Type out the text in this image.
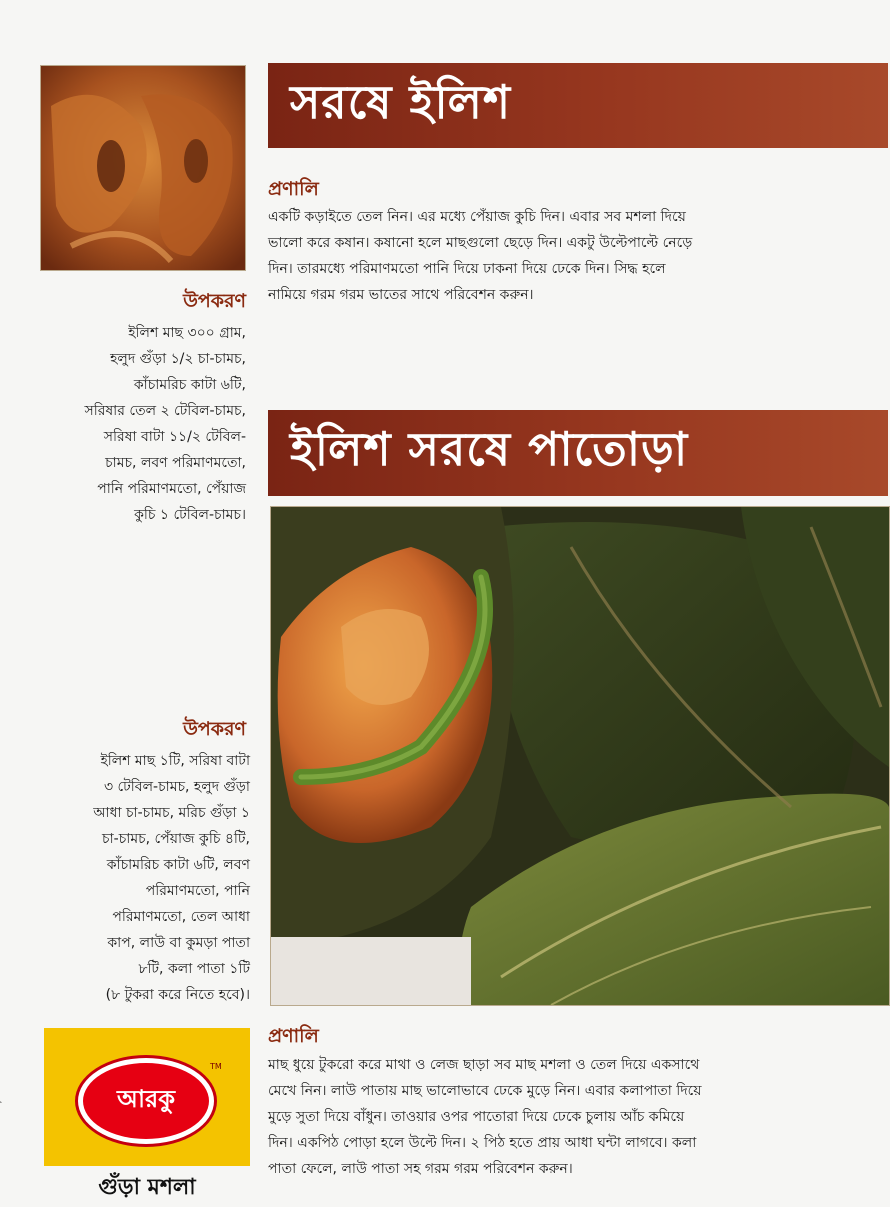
সরষে ইলিশ
প্রণালি
একটি কড়াইতে তেল নিন। এর মধ্যে পেঁয়াজ কুচি দিন। এবার সব মশলা দিয়ে
ভালো করে কষান। কষানো হলে মাছগুলো ছেড়ে দিন। একটু উল্টেপাল্টে নেড়ে
দিন। তারমধ্যে পরিমাণমতো পানি দিয়ে ঢাকনা দিয়ে ঢেকে দিন। সিদ্ধ হলে
নামিয়ে গরম গরম ভাতের সাথে পরিবেশন করুন।
উপকরণ
ইলিশ মাছ ৩০০ গ্রাম,
হলুদ গুঁড়া ১/২ চা-চামচ,
কাঁচামরিচ কাটা ৬টি,
সরিষার তেল ২ টেবিল-চামচ,
সরিষা বাটা ১১/২ টেবিল-
চামচ, লবণ পরিমাণমতো,
পানি পরিমাণমতো, পেঁয়াজ
কুচি ১ টেবিল-চামচ।
ইলিশ সরষে পাতোড়া
উপকরণ
ইলিশ মাছ ১টি, সরিষা বাটা
৩ টেবিল-চামচ, হলুদ গুঁড়া
আধা চা-চামচ, মরিচ গুঁড়া ১
চা-চামচ, পেঁয়াজ কুচি ৪টি,
কাঁচামরিচ কাটা ৬টি, লবণ
পরিমাণমতো, পানি
পরিমাণমতো, তেল আধা
কাপ, লাউ বা কুমড়া পাতা
৮টি, কলা পাতা ১টি
(৮ টুকরা করে নিতে হবে)।
প্রণালি
মাছ ধুয়ে টুকরো করে মাথা ও লেজ ছাড়া সব মাছ মশলা ও তেল দিয়ে একসাথে
মেখে নিন। লাউ পাতায় মাছ ভালোভাবে ঢেকে মুড়ে নিন। এবার কলাপাতা দিয়ে
মুড়ে সুতা দিয়ে বাঁধুন। তাওয়ার ওপর পাতোরা দিয়ে ঢেকে চুলায় আঁচ কমিয়ে
দিন। একপিঠ পোড়া হলে উল্টে দিন। ২ পিঠ হতে প্রায় আধা ঘন্টা লাগবে। কলা
পাতা ফেলে, লাউ পাতা সহ গরম গরম পরিবেশন করুন।
আরকু
TM
গুঁড়া মশলা
